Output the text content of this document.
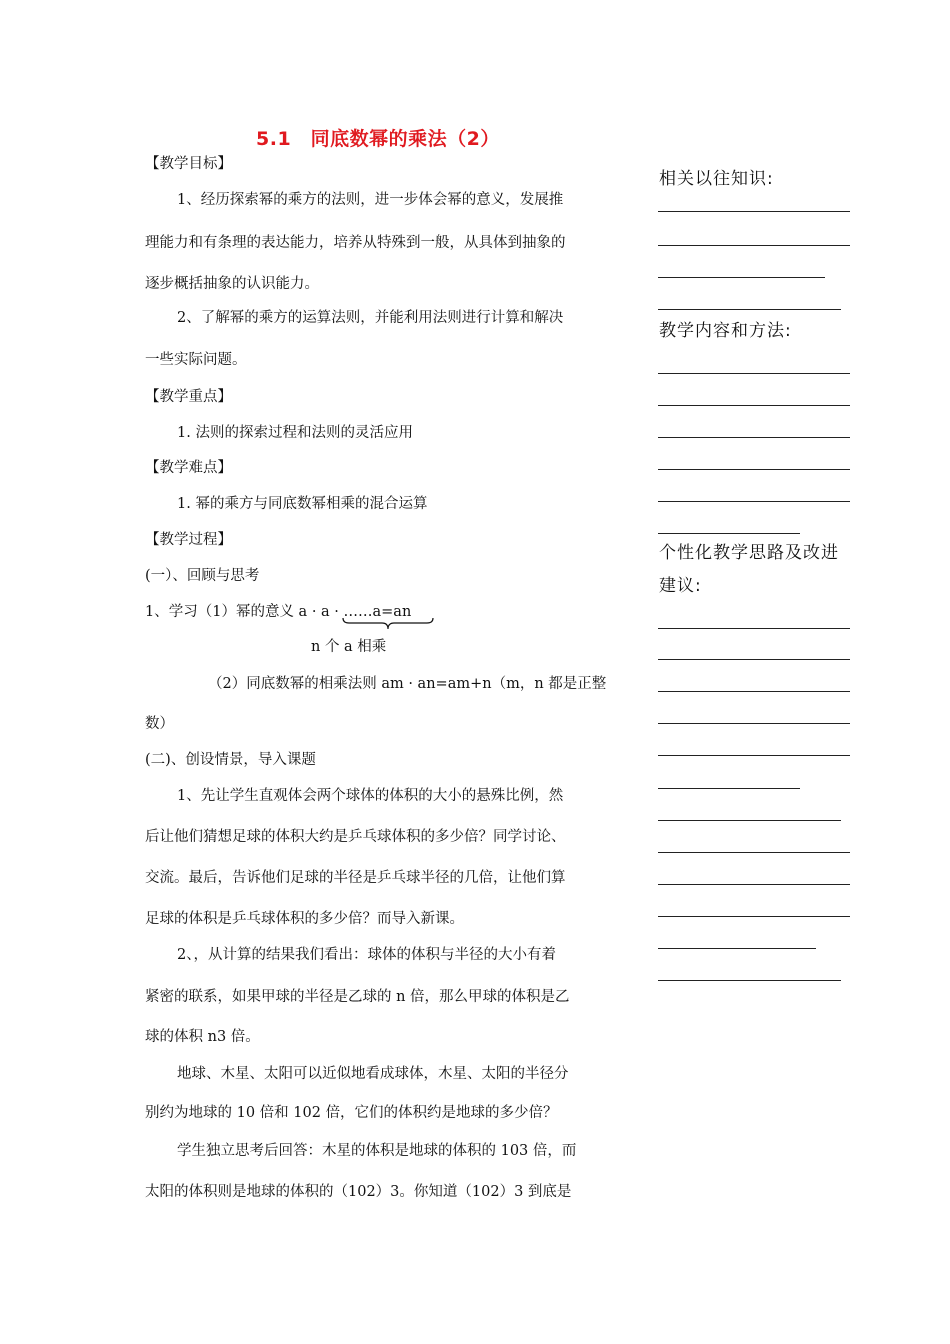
5.1　同底数幂的乘法（2）
【教学目标】
1、经历探索幂的乘方的法则，进一步体会幂的意义，发展推
理能力和有条理的表达能力，培养从特殊到一般，从具体到抽象的
逐步概括抽象的认识能力。
2、了解幂的乘方的运算法则，并能利用法则进行计算和解决
一些实际问题。
【教学重点】
1. 法则的探索过程和法则的灵活应用
【教学难点】
1. 幂的乘方与同底数幂相乘的混合运算
【教学过程】
(一）、回顾与思考
1、学习（1）幂的意义 a · a · ……a=an
n 个 a 相乘
（2）同底数幂的相乘法则 am · an=am+n（m，n 都是正整
数）
(二)、创设情景，导入课题
1、先让学生直观体会两个球体的体积的大小的悬殊比例，然
后让他们猜想足球的体积大约是乒乓球体积的多少倍？同学讨论、
交流。最后，告诉他们足球的半径是乒乓球半径的几倍，让他们算
足球的体积是乒乓球体积的多少倍？而导入新课。
2、，从计算的结果我们看出：球体的体积与半径的大小有着
紧密的联系，如果甲球的半径是乙球的 n 倍，那么甲球的体积是乙
球的体积 n3 倍。
地球、木星、太阳可以近似地看成球体，木星、太阳的半径分
别约为地球的 10 倍和 102 倍，它们的体积约是地球的多少倍？
学生独立思考后回答：木星的体积是地球的体积的 103 倍，而
太阳的体积则是地球的体积的（102）3。你知道（102）3 到底是
相关以往知识:
教学内容和方法:
个性化教学思路及改进
建议:
